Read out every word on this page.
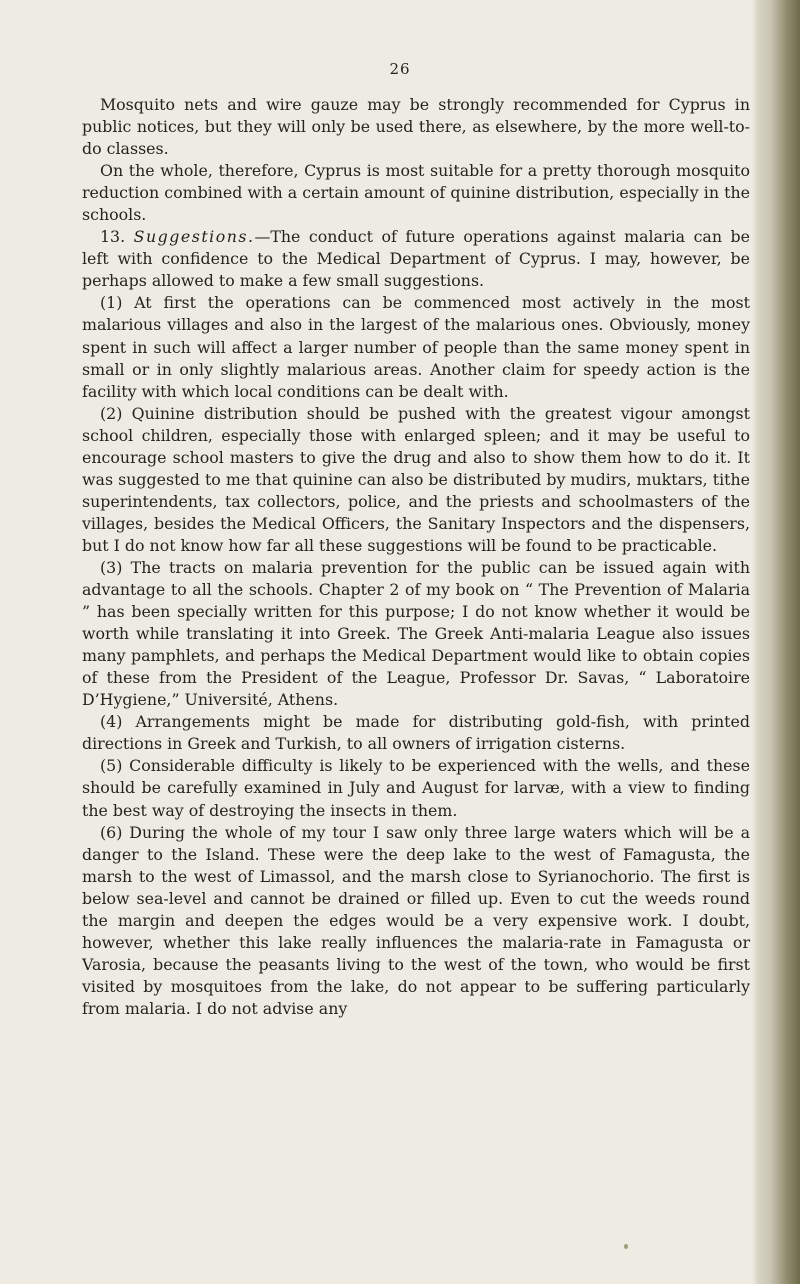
26

Mosquito nets and wire gauze may be strongly recommended for Cyprus in public notices, but they will only be used there, as elsewhere, by the more well-to-do classes.

On the whole, therefore, Cyprus is most suitable for a pretty thorough mosquito reduction combined with a certain amount of quinine distribution, especially in the schools.

13. Suggestions.—The conduct of future operations against malaria can be left with confidence to the Medical Department of Cyprus. I may, however, be perhaps allowed to make a few small suggestions.

(1) At first the operations can be commenced most actively in the most malarious villages and also in the largest of the malarious ones. Obviously, money spent in such will affect a larger number of people than the same money spent in small or in only slightly malarious areas. Another claim for speedy action is the facility with which local conditions can be dealt with.

(2) Quinine distribution should be pushed with the greatest vigour amongst school children, especially those with enlarged spleen; and it may be useful to encourage school masters to give the drug and also to show them how to do it. It was suggested to me that quinine can also be distributed by mudirs, muktars, tithe superintendents, tax collectors, police, and the priests and schoolmasters of the villages, besides the Medical Officers, the Sanitary Inspectors and the dispensers, but I do not know how far all these suggestions will be found to be practicable.

(3) The tracts on malaria prevention for the public can be issued again with advantage to all the schools. Chapter 2 of my book on “ The Prevention of Malaria ” has been specially written for this purpose; I do not know whether it would be worth while translating it into Greek. The Greek Anti-malaria League also issues many pamphlets, and perhaps the Medical Department would like to obtain copies of these from the President of the League, Professor Dr. Savas, “ Laboratoire D’Hygiene,” Université, Athens.

(4) Arrangements might be made for distributing gold-fish, with printed directions in Greek and Turkish, to all owners of irrigation cisterns.

(5) Considerable difficulty is likely to be experienced with the wells, and these should be carefully examined in July and August for larvæ, with a view to finding the best way of destroying the insects in them.

(6) During the whole of my tour I saw only three large waters which will be a danger to the Island. These were the deep lake to the west of Famagusta, the marsh to the west of Limassol, and the marsh close to Syrianochorio. The first is below sea-level and cannot be drained or filled up. Even to cut the weeds round the margin and deepen the edges would be a very expensive work. I doubt, however, whether this lake really influences the malaria-rate in Famagusta or Varosia, because the peasants living to the west of the town, who would be first visited by mosquitoes from the lake, do not appear to be suffering particularly from malaria. I do not advise any
